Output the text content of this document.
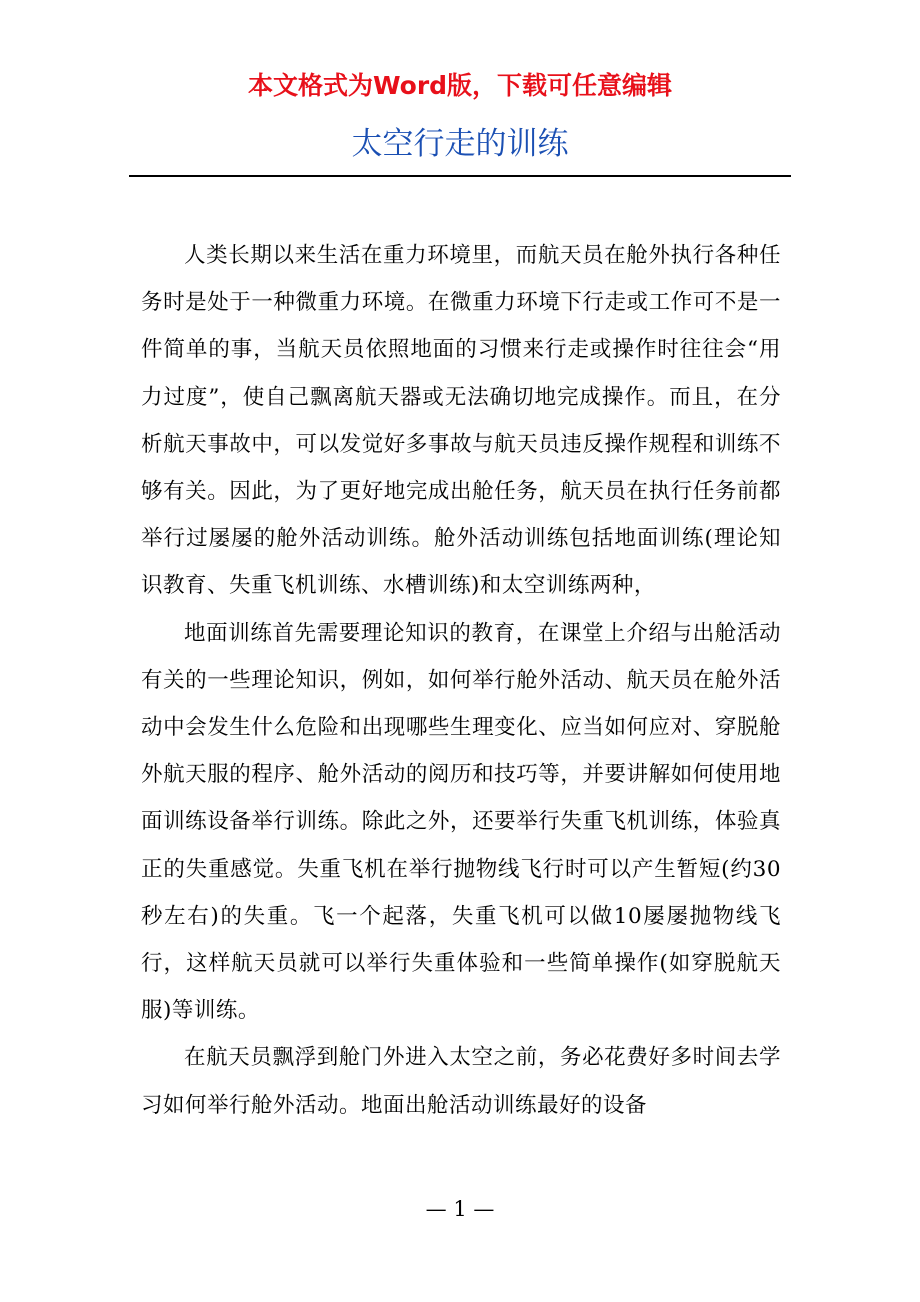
本文格式为Word版，下载可任意编辑
太空行走的训练

人类长期以来生活在重力环境里，而航天员在舱外执行各种任务时是处于一种微重力环境。在微重力环境下行走或工作可不是一件简单的事，当航天员依照地面的习惯来行走或操作时往往会“用力过度”，使自己飘离航天器或无法确切地完成操作。而且，在分析航天事故中，可以发觉好多事故与航天员违反操作规程和训练不够有关。因此，为了更好地完成出舱任务，航天员在执行任务前都举行过屡屡的舱外活动训练。舱外活动训练包括地面训练(理论知识教育、失重飞机训练、水槽训练)和太空训练两种，

地面训练首先需要理论知识的教育，在课堂上介绍与出舱活动有关的一些理论知识，例如，如何举行舱外活动、航天员在舱外活动中会发生什么危险和出现哪些生理变化、应当如何应对、穿脱舱外航天服的程序、舱外活动的阅历和技巧等，并要讲解如何使用地面训练设备举行训练。除此之外，还要举行失重飞机训练，体验真正的失重感觉。失重飞机在举行抛物线飞行时可以产生暂短(约30秒左右)的失重。飞一个起落，失重飞机可以做10屡屡抛物线飞行，这样航天员就可以举行失重体验和一些简单操作(如穿脱航天服)等训练。

在航天员飘浮到舱门外进入太空之前，务必花费好多时间去学习如何举行舱外活动。地面出舱活动训练最好的设备

— 1 —
